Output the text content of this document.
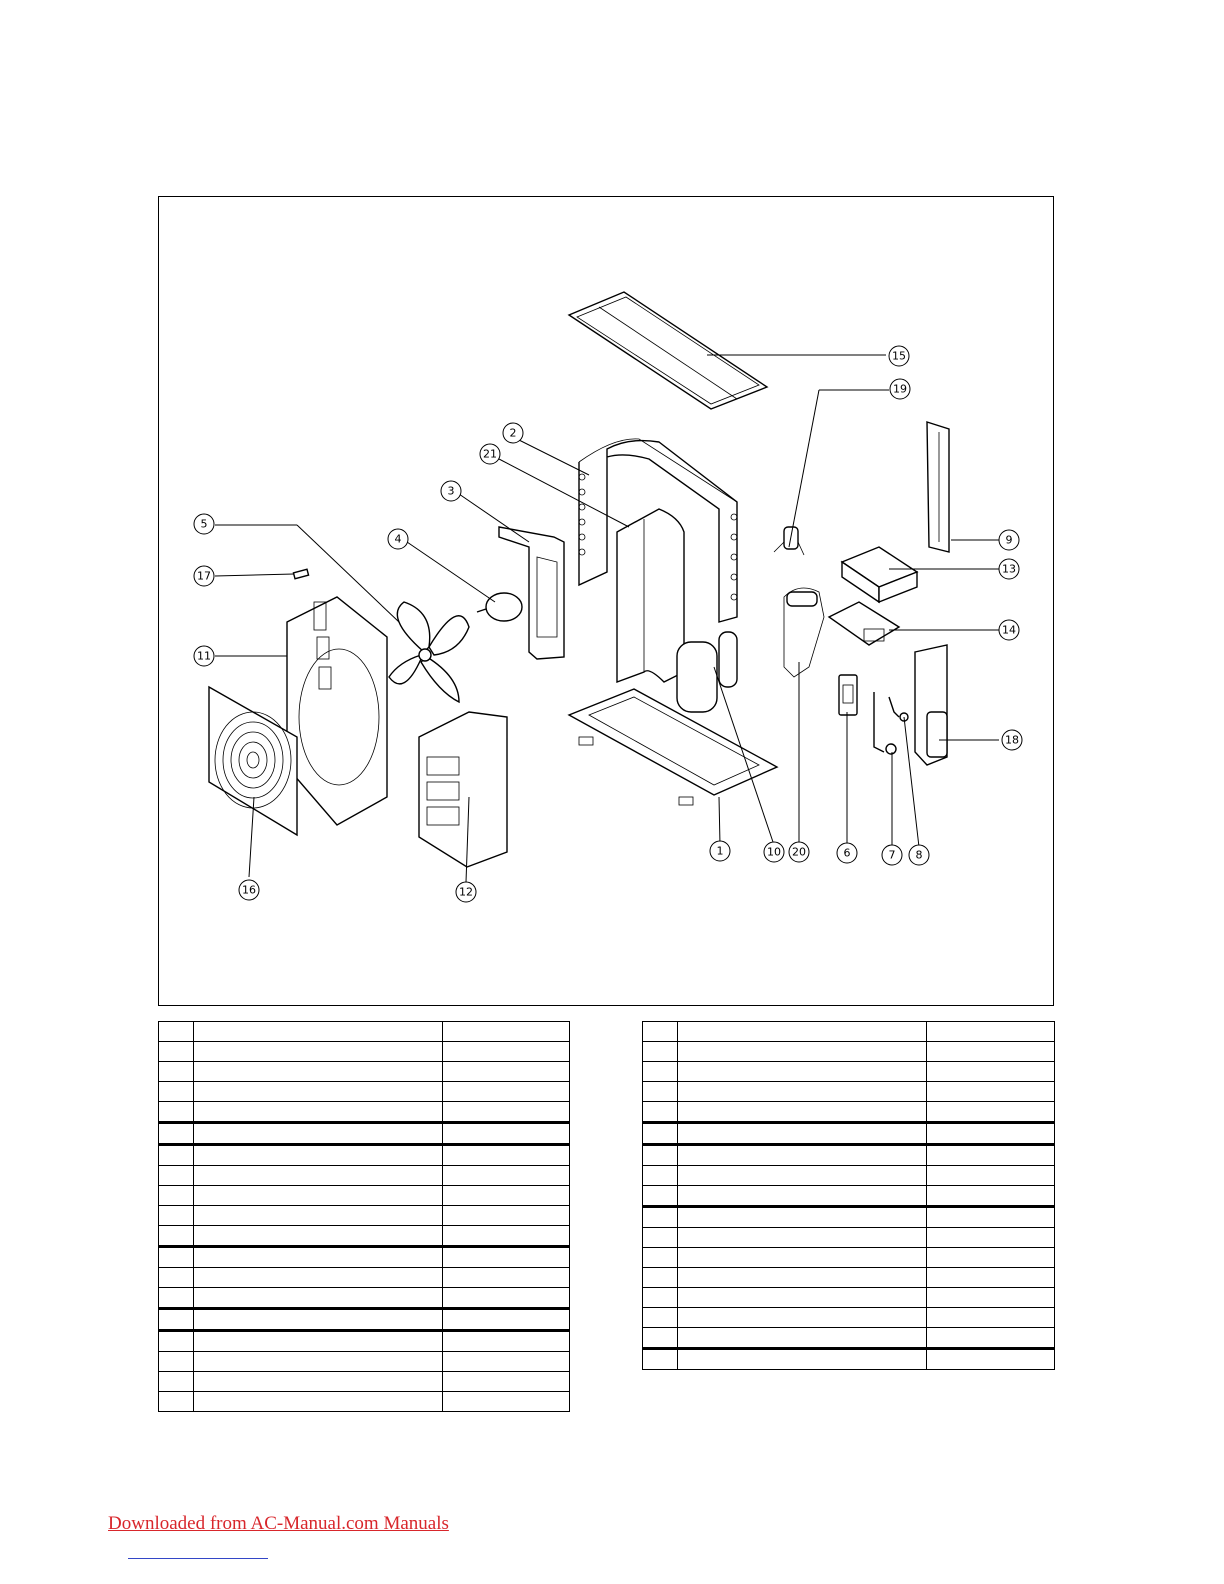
15
19
2
21
3
4
5
17
11
9
13
14
18
1	10 20	6	7 8
16	12

Downloaded from AC-Manual.com Manuals
